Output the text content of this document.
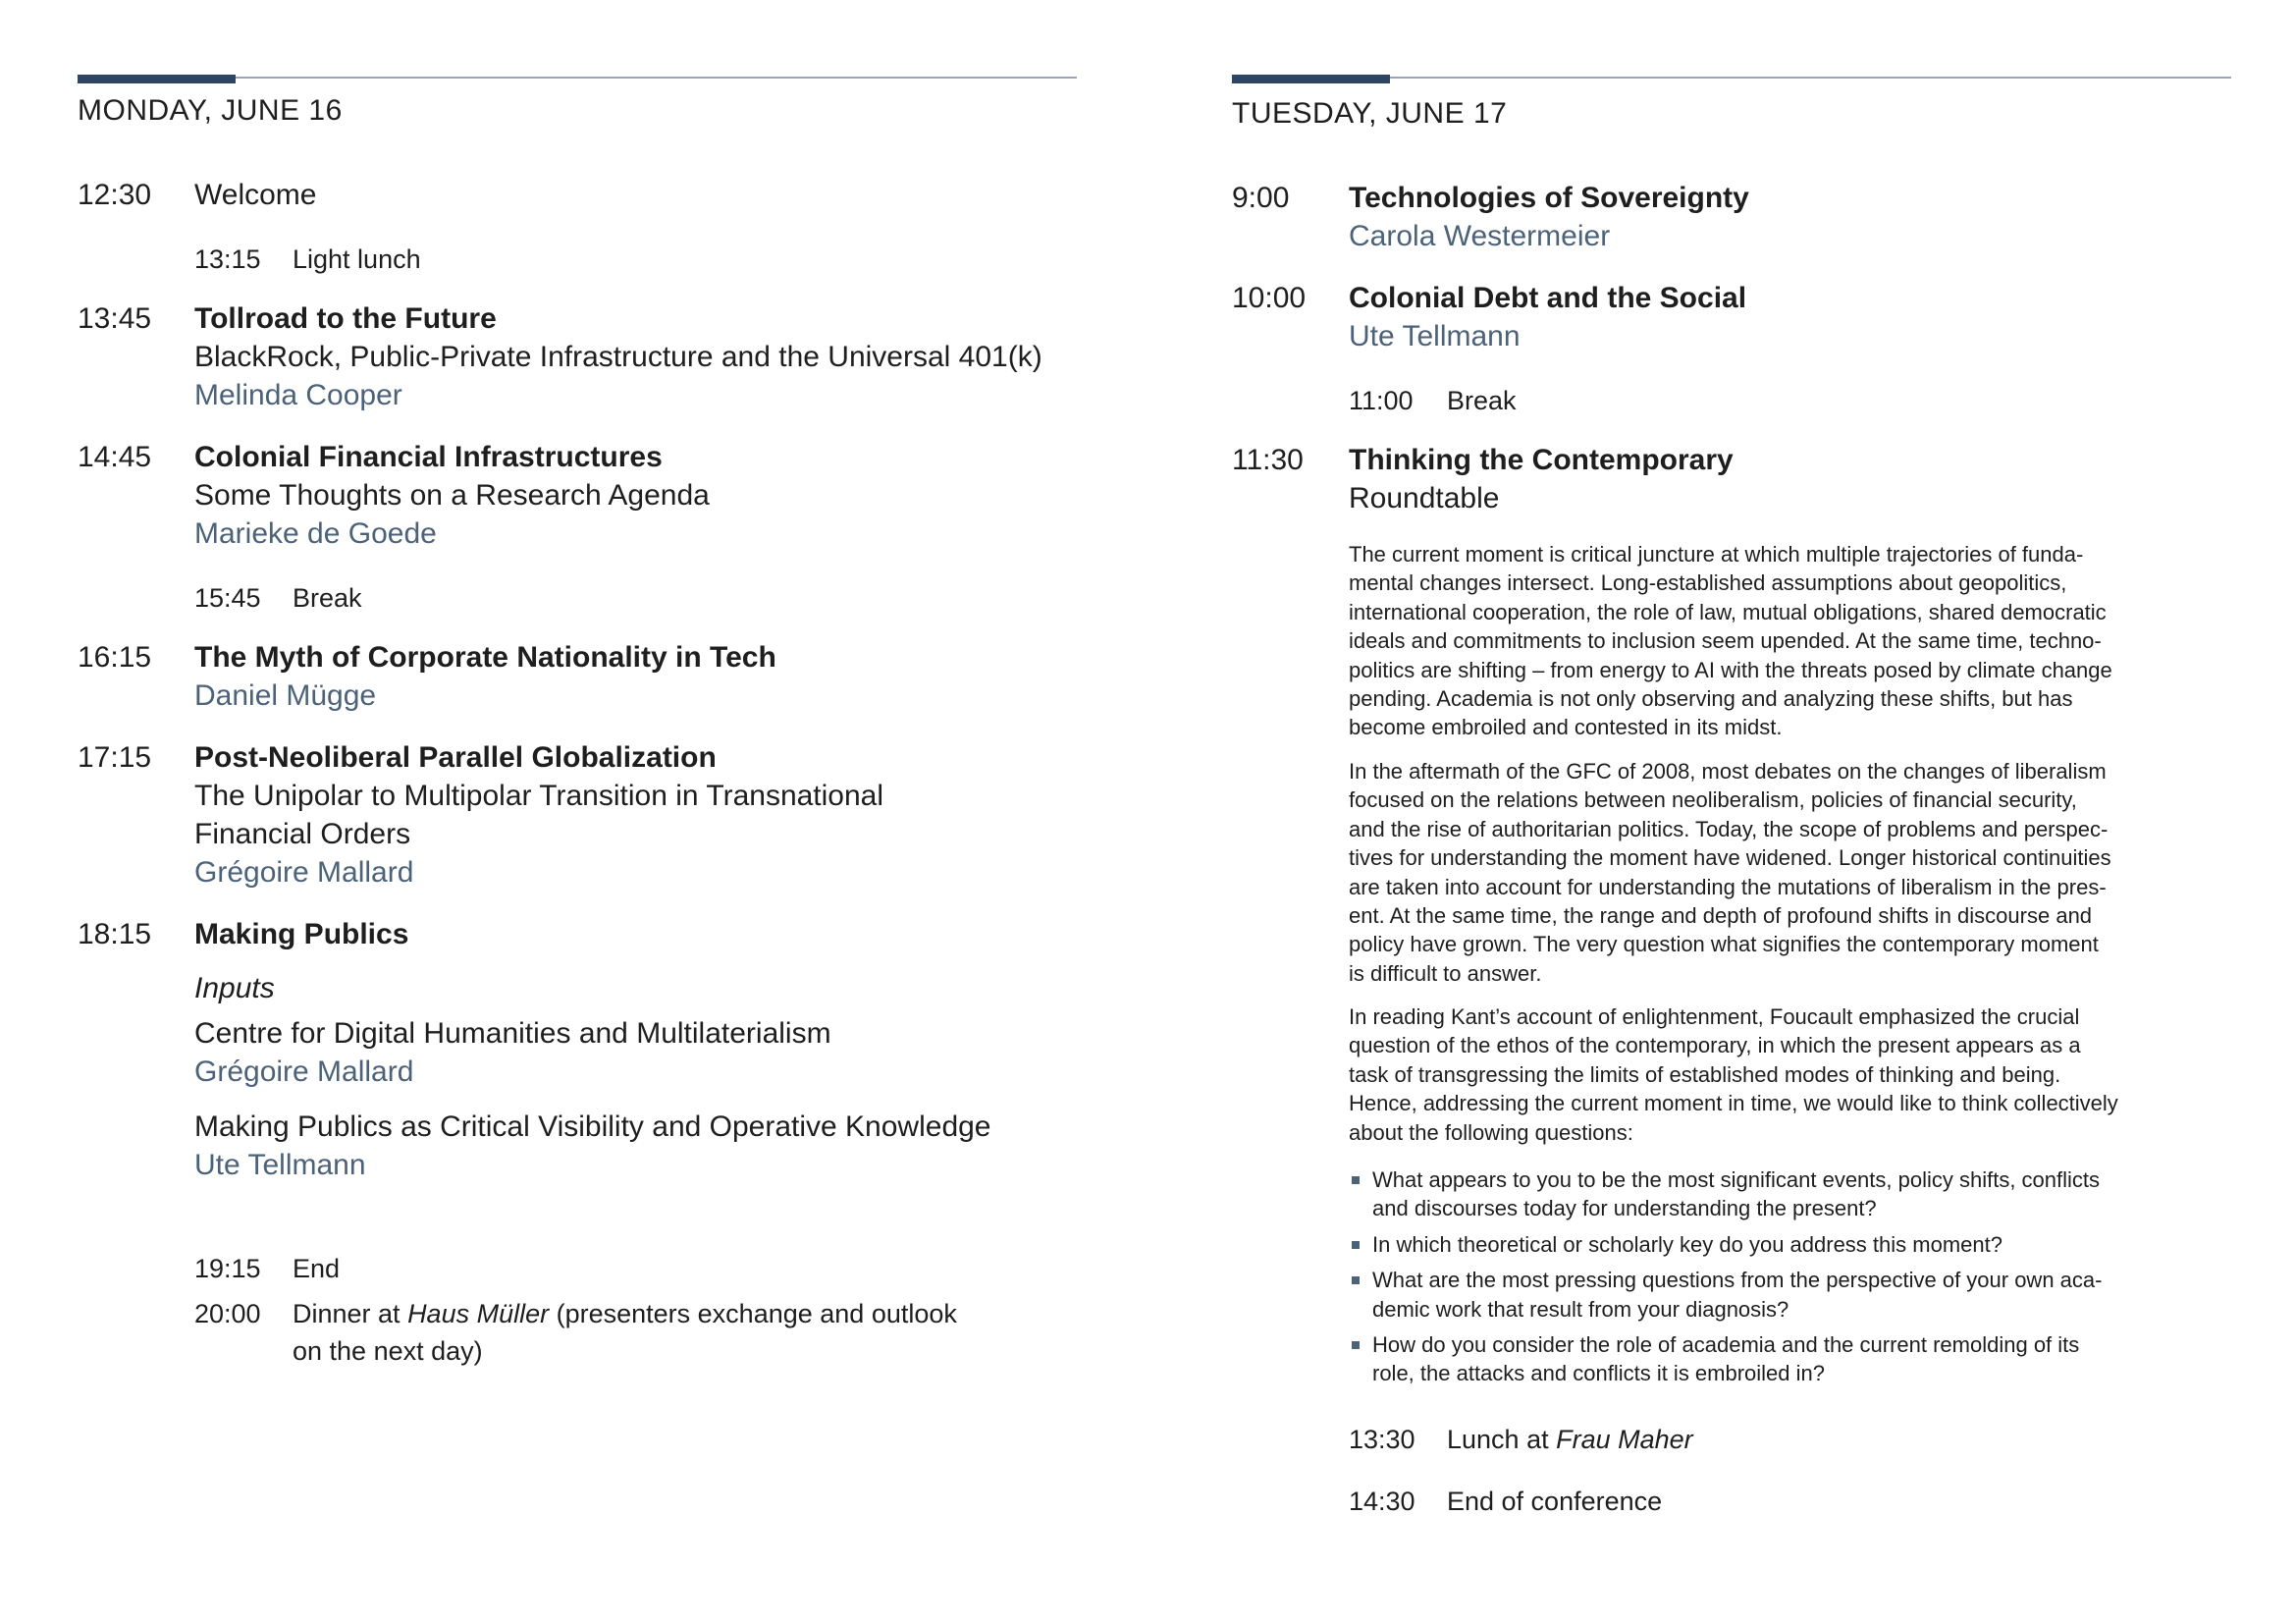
MONDAY, JUNE 16
12:30 Welcome
13:15 Light lunch
13:45 Tollroad to the Future
BlackRock, Public-Private Infrastructure and the Universal 401(k)
Melinda Cooper
14:45 Colonial Financial Infrastructures
Some Thoughts on a Research Agenda
Marieke de Goede
15:45 Break
16:15 The Myth of Corporate Nationality in Tech
Daniel Mügge
17:15 Post-Neoliberal Parallel Globalization
The Unipolar to Multipolar Transition in Transnational
Financial Orders
Grégoire Mallard
18:15 Making Publics
Inputs
Centre for Digital Humanities and Multilaterialism
Grégoire Mallard
Making Publics as Critical Visibility and Operative Knowledge
Ute Tellmann
19:15 End
20:00 Dinner at Haus Müller (presenters exchange and outlook
on the next day)
TUESDAY, JUNE 17
9:00 Technologies of Sovereignty
Carola Westermeier
10:00 Colonial Debt and the Social
Ute Tellmann
11:00 Break
11:30 Thinking the Contemporary
Roundtable

The current moment is critical juncture at which multiple trajectories of funda-
mental changes intersect. Long-established assumptions about geopolitics,
international cooperation, the role of law, mutual obligations, shared democratic
ideals and commitments to inclusion seem upended. At the same time, techno-
politics are shifting – from energy to AI with the threats posed by climate change
pending. Academia is not only observing and analyzing these shifts, but has
become embroiled and contested in its midst.

In the aftermath of the GFC of 2008, most debates on the changes of liberalism
focused on the relations between neoliberalism, policies of financial security,
and the rise of authoritarian politics. Today, the scope of problems and perspec-
tives for understanding the moment have widened. Longer historical continuities
are taken into account for understanding the mutations of liberalism in the pres-
ent. At the same time, the range and depth of profound shifts in discourse and
policy have grown. The very question what signifies the contemporary moment
is difficult to answer.

In reading Kant’s account of enlightenment, Foucault emphasized the crucial
question of the ethos of the contemporary, in which the present appears as a
task of transgressing the limits of established modes of thinking and being.
Hence, addressing the current moment in time, we would like to think collectively
about the following questions:

What appears to you to be the most significant events, policy shifts, conflicts
and discourses today for understanding the present?
In which theoretical or scholarly key do you address this moment?
What are the most pressing questions from the perspective of your own aca-
demic work that result from your diagnosis?
How do you consider the role of academia and the current remolding of its
role, the attacks and conflicts it is embroiled in?
13:30 Lunch at Frau Maher
14:30 End of conference
